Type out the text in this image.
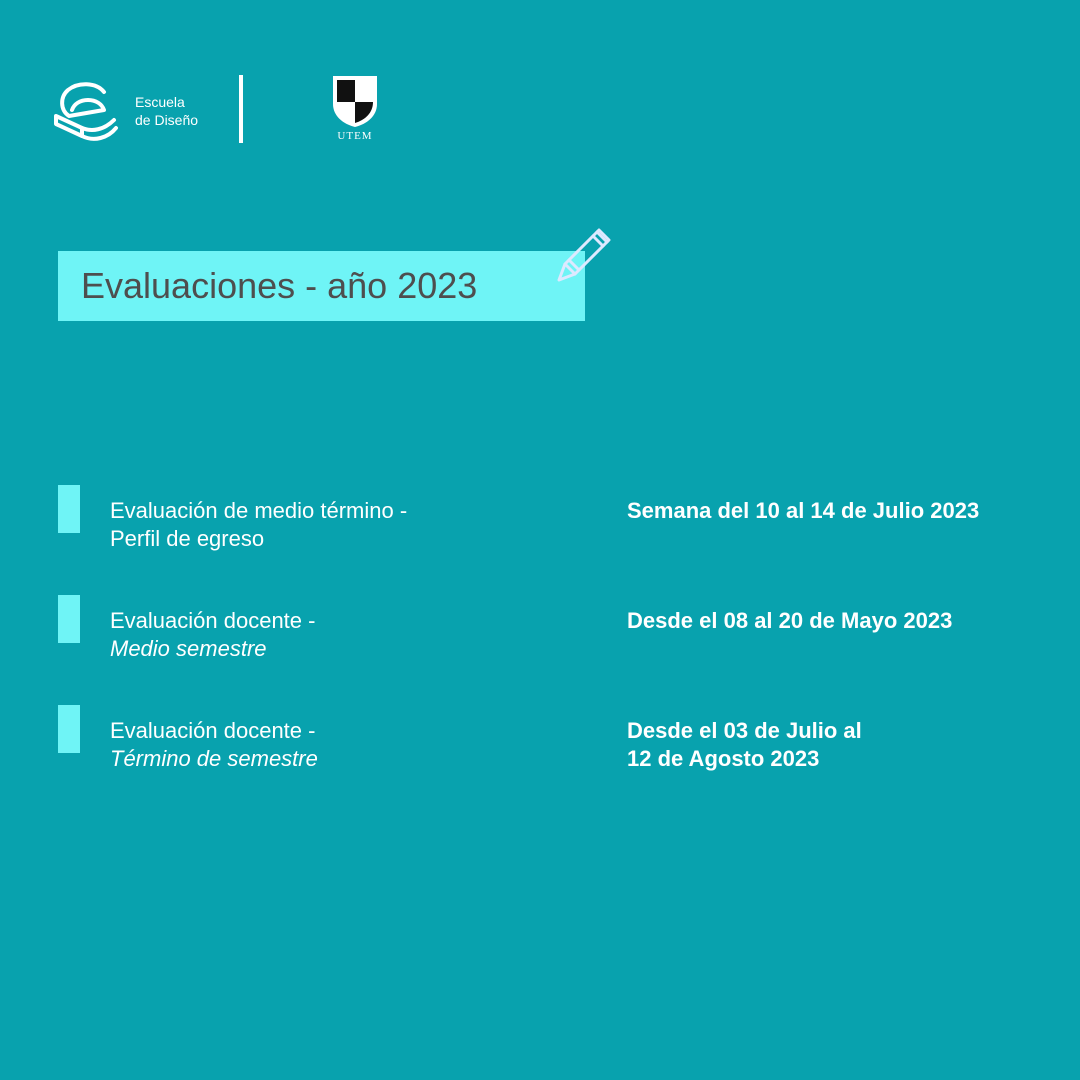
Escuela
de Diseño
UTEM
Evaluaciones - año 2023
Evaluación de medio término -
Perfil de egreso
Semana del 10 al 14 de Julio 2023
Evaluación docente -
Medio semestre
Desde el 08 al 20 de Mayo 2023
Evaluación docente -
Término de semestre
Desde el 03 de Julio al
12 de Agosto 2023
